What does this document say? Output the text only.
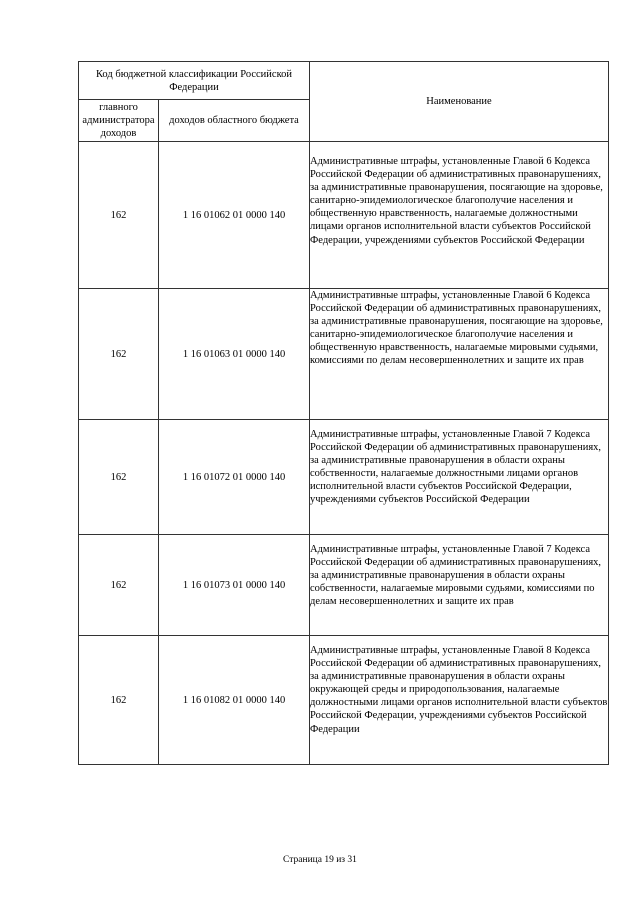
Код бюджетной классификации Российской Федерации		Наименование
главного администратора доходов	доходов областного бюджета	
162	1 16 01062 01 0000 140	Административные штрафы, установленные Главой 6 Кодекса Российской Федерации об административных правонарушениях, за административные правонарушения, посягающие на здоровье, санитарно-эпидемиологическое благополучие населения и общественную нравственность, налагаемые должностными лицами органов исполнительной власти субъектов Российской Федерации, учреждениями субъектов Российской Федерации
162	1 16 01063 01 0000 140	Административные штрафы, установленные Главой 6 Кодекса Российской Федерации об административных правонарушениях, за административные правонарушения, посягающие на здоровье, санитарно-эпидемиологическое благополучие населения и общественную нравственность, налагаемые мировыми судьями, комиссиями по делам несовершеннолетних и защите их прав
162	1 16 01072 01 0000 140	Административные штрафы, установленные Главой 7 Кодекса Российской Федерации об административных правонарушениях, за административные правонарушения в области охраны собственности, налагаемые должностными лицами органов исполнительной власти субъектов Российской Федерации, учреждениями субъектов Российской Федерации
162	1 16 01073 01 0000 140	Административные штрафы, установленные Главой 7 Кодекса Российской Федерации об административных правонарушениях, за административные правонарушения в области охраны собственности, налагаемые мировыми судьями, комиссиями по делам несовершеннолетних и защите их прав
162	1 16 01082 01 0000 140	Административные штрафы, установленные Главой 8 Кодекса Российской Федерации об административных правонарушениях, за административные правонарушения в области охраны окружающей среды и природопользования, налагаемые должностными лицами органов исполнительной власти субъектов Российской Федерации, учреждениями субъектов Российской Федерации
Страница 19 из 31
